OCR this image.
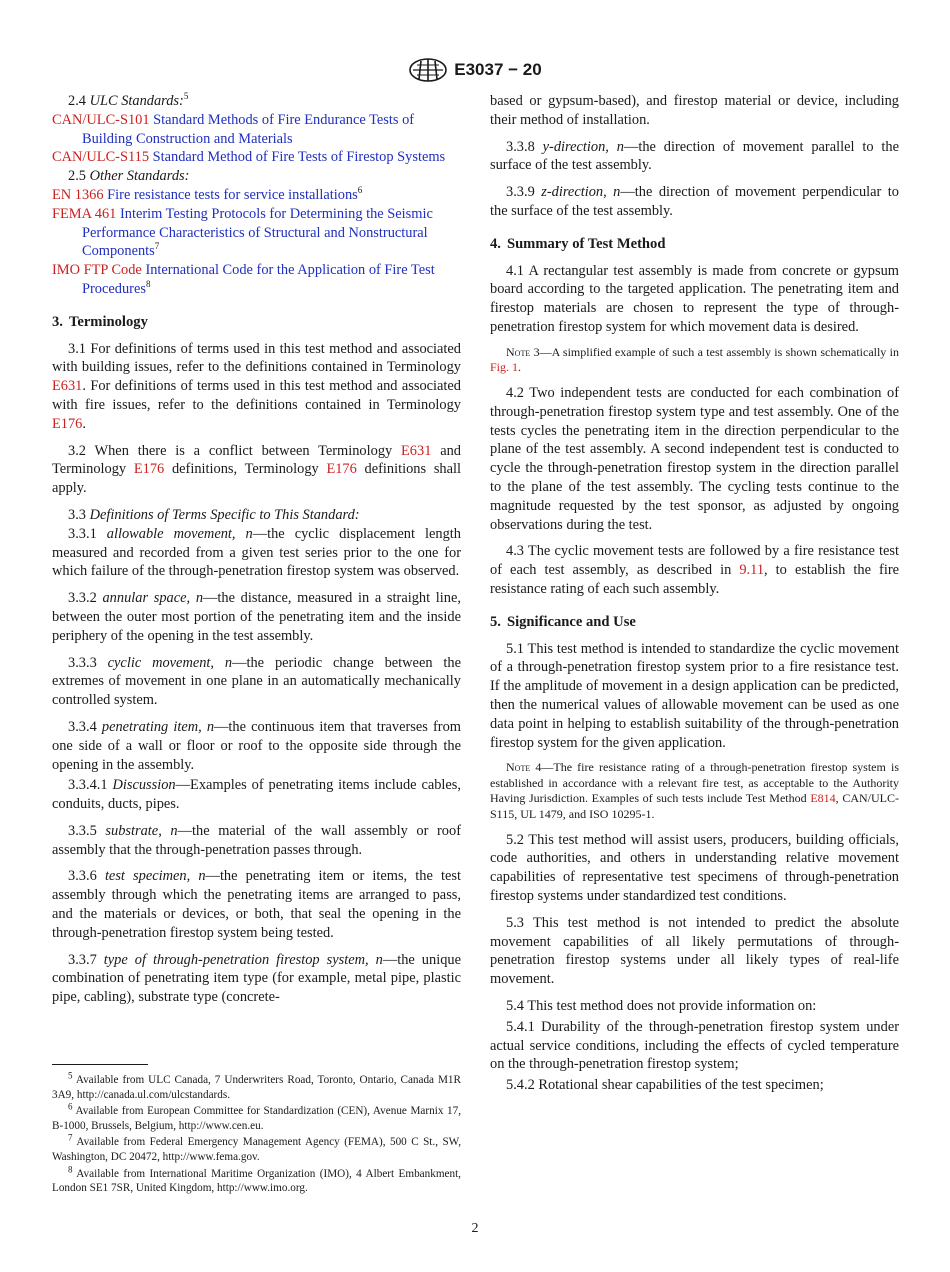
E3037 − 20

2.4 ULC Standards:$^5$

CAN/ULC-S101 Standard Methods of Fire Endurance Tests of Building Construction and Materials

CAN/ULC-S115 Standard Method of Fire Tests of Firestop Systems

2.5 Other Standards:

EN 1366 Fire resistance tests for service installations$^6$

FEMA 461 Interim Testing Protocols for Determining the Seismic Performance Characteristics of Structural and Nonstructural Components$^7$

IMO FTP Code International Code for the Application of Fire Test Procedures$^8$

3. Terminology

3.1 For definitions of terms used in this test method and associated with building issues, refer to the definitions contained in Terminology E631. For definitions of terms used in this test method and associated with fire issues, refer to the definitions contained in Terminology E176.

3.2 When there is a conflict between Terminology E631 and Terminology E176 definitions, Terminology E176 definitions shall apply.

3.3 Definitions of Terms Specific to This Standard:

3.3.1 allowable movement, n—the cyclic displacement length measured and recorded from a given test series prior to the one for which failure of the through-penetration firestop system was observed.

3.3.2 annular space, n—the distance, measured in a straight line, between the outer most portion of the penetrating item and the inside periphery of the opening in the test assembly.

3.3.3 cyclic movement, n—the periodic change between the extremes of movement in one plane in an automatically mechanically controlled system.

3.3.4 penetrating item, n—the continuous item that traverses from one side of a wall or floor or roof to the opposite side through the opening in the assembly.

3.3.4.1 Discussion—Examples of penetrating items include cables, conduits, ducts, pipes.

3.3.5 substrate, n—the material of the wall assembly or roof assembly that the through-penetration passes through.

3.3.6 test specimen, n—the penetrating item or items, the test assembly through which the penetrating items are arranged to pass, and the materials or devices, or both, that seal the opening in the through-penetration firestop system being tested.

3.3.7 type of through-penetration firestop system, n—the unique combination of penetrating item type (for example, metal pipe, plastic pipe, cabling), substrate type (concrete-

$^5$ Available from ULC Canada, 7 Underwriters Road, Toronto, Ontario, Canada M1R 3A9, http://canada.ul.com/ulcstandards.

$^6$ Available from European Committee for Standardization (CEN), Avenue Marnix 17, B-1000, Brussels, Belgium, http://www.cen.eu.

$^7$ Available from Federal Emergency Management Agency (FEMA), 500 C St., SW, Washington, DC 20472, http://www.fema.gov.

$^8$ Available from International Maritime Organization (IMO), 4 Albert Embankment, London SE1 7SR, United Kingdom, http://www.imo.org.

based or gypsum-based), and firestop material or device, including their method of installation.

3.3.8 y-direction, n—the direction of movement parallel to the surface of the test assembly.

3.3.9 z-direction, n—the direction of movement perpendicular to the surface of the test assembly.

4. Summary of Test Method

4.1 A rectangular test assembly is made from concrete or gypsum board according to the targeted application. The penetrating item and firestop materials are chosen to represent the type of through-penetration firestop system for which movement data is desired.

Note 3—A simplified example of such a test assembly is shown schematically in Fig. 1.

4.2 Two independent tests are conducted for each combination of through-penetration firestop system type and test assembly. One of the tests cycles the penetrating item in the direction perpendicular to the plane of the test assembly. A second independent test is conducted to cycle the through-penetration firestop system in the direction parallel to the plane of the test assembly. The cycling tests continue to the magnitude requested by the test sponsor, as adjusted by ongoing observations during the test.

4.3 The cyclic movement tests are followed by a fire resistance test of each test assembly, as described in 9.11, to establish the fire resistance rating of each such assembly.

5. Significance and Use

5.1 This test method is intended to standardize the cyclic movement of a through-penetration firestop system prior to a fire resistance test. If the amplitude of movement in a design application can be predicted, then the numerical values of allowable movement can be used as one data point in helping to establish suitability of the through-penetration firestop system for the given application.

Note 4—The fire resistance rating of a through-penetration firestop system is established in accordance with a relevant fire test, as acceptable to the Authority Having Jurisdiction. Examples of such tests include Test Method E814, CAN/ULC-S115, UL 1479, and ISO 10295-1.

5.2 This test method will assist users, producers, building officials, code authorities, and others in understanding relative movement capabilities of representative test specimens of through-penetration firestop systems under standardized test conditions.

5.3 This test method is not intended to predict the absolute movement capabilities of all likely permutations of through-penetration firestop systems under all likely types of real-life movement.

5.4 This test method does not provide information on:

5.4.1 Durability of the through-penetration firestop system under actual service conditions, including the effects of cycled temperature on the through-penetration firestop system;

5.4.2 Rotational shear capabilities of the test specimen;

2
